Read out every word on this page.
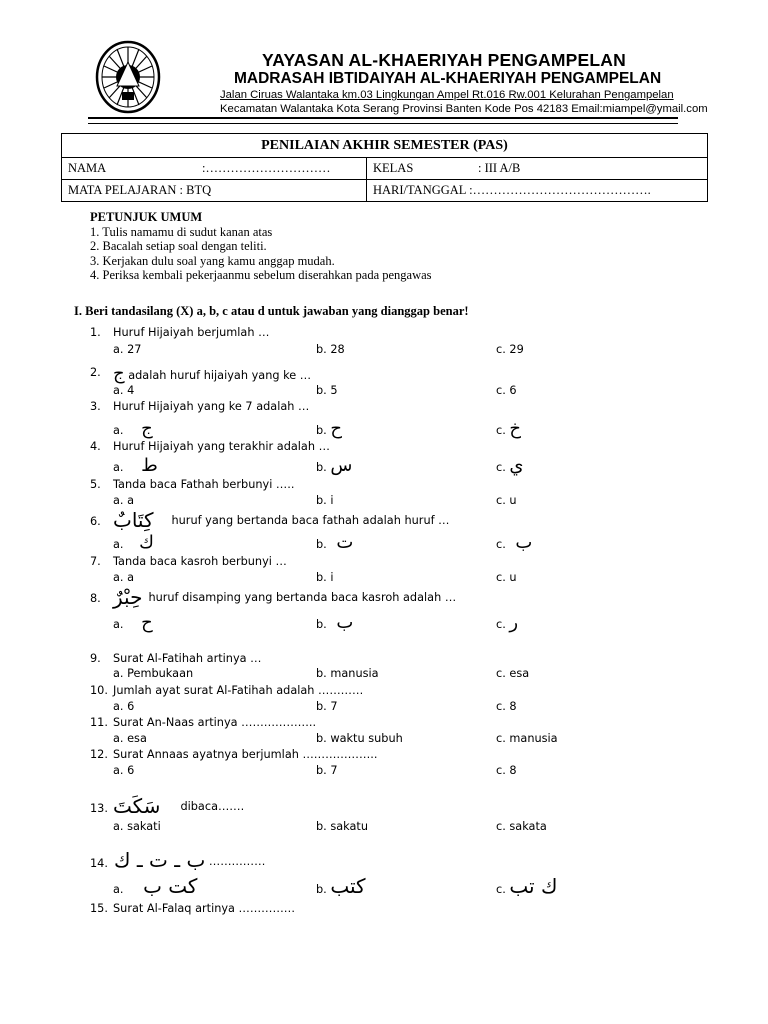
YAYASAN AL-KHAERIYAH PENGAMPELAN
MADRASAH IBTIDAIYAH AL-KHAERIYAH PENGAMPELAN
Jalan Ciruas Walantaka km.03 Lingkungan Ampel Rt.016 Rw.001 Kelurahan Pengampelan
Kecamatan Walantaka Kota Serang Provinsi Banten Kode Pos 42183 Email:miampel@ymail.com
PENILAIAN AKHIR SEMESTER (PAS)	
NAMA :…………………………	KELAS : III A/B
MATA PELAJARAN : BTQ	HARI/TANGGAL :…………………………………….
PETUNJUK UMUM
1. Tulis namamu di sudut kanan atas
2. Bacalah setiap soal dengan teliti.
3. Kerjakan dulu soal yang kamu anggap mudah.
4. Periksa kembali pekerjaanmu sebelum diserahkan pada pengawas
I. Beri tandasilang (X) a, b, c atau d untuk jawaban yang dianggap benar!
1. Huruf Hijaiyah berjumlah …
a. 27	b. 28	c. 29
2. ج adalah huruf hijaiyah yang ke …
a. 4	b. 5	c. 6
3. Huruf Hijaiyah yang ke 7 adalah …
a. ج	b. ح	c. خ
4. Huruf Hijaiyah yang terakhir adalah …
a. ط	b. س	c. ي
5. Tanda baca Fathah berbunyi …..
a. a	b. i	c. u
6. كِتَابٌ huruf yang bertanda baca fathah adalah huruf …
a. ك	b. ت	c. ب
7. Tanda baca kasroh berbunyi …
a. a	b. i	c. u
8. حِبْرٌ huruf disamping yang bertanda baca kasroh adalah …
a. ح	b. ب	c. ر
9. Surat Al-Fatihah artinya …
a. Pembukaan	b. manusia	c. esa
10. Jumlah ayat surat Al-Fatihah adalah …………
a. 6	b. 7	c. 8
11. Surat An-Naas artinya ………………..
a. esa	b. waktu subuh	c. manusia
12. Surat Annaas ayatnya berjumlah ………………..
a. 6	b. 7	c. 8
13. سَكَتَ dibaca…….
a. sakati	b. sakatu	c. sakata
14. ب ـ ت ـ ك ……………
a. كت ب	b. كتب	c. ك تب
15. Surat Al-Falaq artinya ……………
